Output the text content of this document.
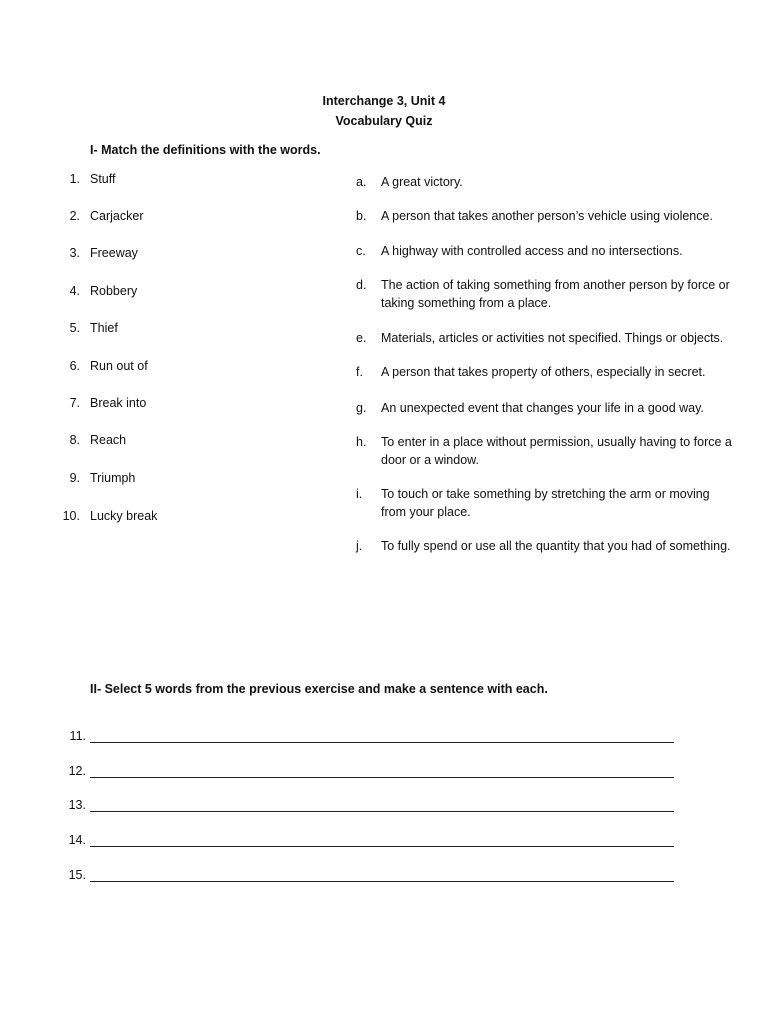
Interchange 3, Unit 4
Vocabulary Quiz
I- Match the definitions with the words.
1. Stuff
2. Carjacker
3. Freeway
4. Robbery
5. Thief
6. Run out of
7. Break into
8. Reach
9. Triumph
10. Lucky break
a. A great victory.
b. A person that takes another person’s vehicle using violence.
c. A highway with controlled access and no intersections.
d. The action of taking something from another person by force or taking something from a place.
e. Materials, articles or activities not specified. Things or objects.
f. A person that takes property of others, especially in secret.
g. An unexpected event that changes your life in a good way.
h. To enter in a place without permission, usually having to force a door or a window.
i. To touch or take something by stretching the arm or moving from your place.
j. To fully spend or use all the quantity that you had of something.
II- Select 5 words from the previous exercise and make a sentence with each.
11.
12.
13.
14.
15.
